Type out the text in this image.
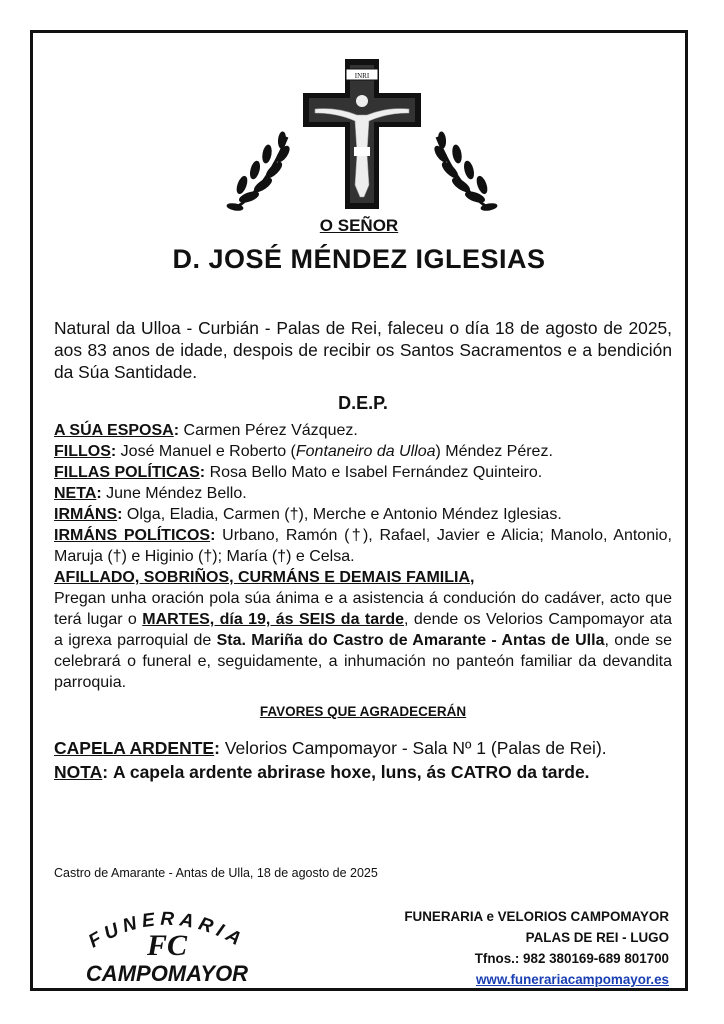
INRI
O SEÑOR
D. JOSÉ MÉNDEZ IGLESIAS

Natural da Ulloa - Curbián - Palas de Rei, faleceu o día 18 de agosto de 2025, aos 83 anos de idade, despois de recibir os Santos Sacramentos e a bendición da Súa Santidade.

D.E.P.

A SÚA ESPOSA: Carmen Pérez Vázquez.

FILLOS: José Manuel e Roberto (Fontaneiro da Ulloa) Méndez Pérez.

FILLAS POLÍTICAS: Rosa Bello Mato e Isabel Fernández Quinteiro.

NETA: June Méndez Bello.

IRMÁNS: Olga, Eladia, Carmen (†), Merche e Antonio Méndez Iglesias.

IRMÁNS POLÍTICOS: Urbano, Ramón (†), Rafael, Javier e Alicia; Manolo, Antonio, Maruja (†) e Higinio (†); María (†) e Celsa.

AFILLADO, SOBRIÑOS, CURMÁNS E DEMAIS FAMILIA,

Pregan unha oración pola súa ánima e a asistencia á condución do cadáver, acto que terá lugar o MARTES, día 19, ás SEIS da tarde, dende os Velorios Campomayor ata a igrexa parroquial de Sta. Mariña do Castro de Amarante - Antas de Ulla, onde se celebrará o funeral e, seguidamente, a inhumación no panteón familiar da devandita parroquia.

FAVORES QUE AGRADECERÁN

CAPELA ARDENTE: Velorios Campomayor - Sala Nº 1 (Palas de Rei).

NOTA: A capela ardente abrirase hoxe, luns, ás CATRO da tarde.

Castro de Amarante - Antas de Ulla, 18 de agosto de 2025
FUNERARIA
FC
CAMPOMAYOR
FUNERARIA e VELORIOS CAMPOMAYOR
PALAS DE REI - LUGO
Tfnos.: 982 380169-689 801700
www.funerariacampomayor.es
